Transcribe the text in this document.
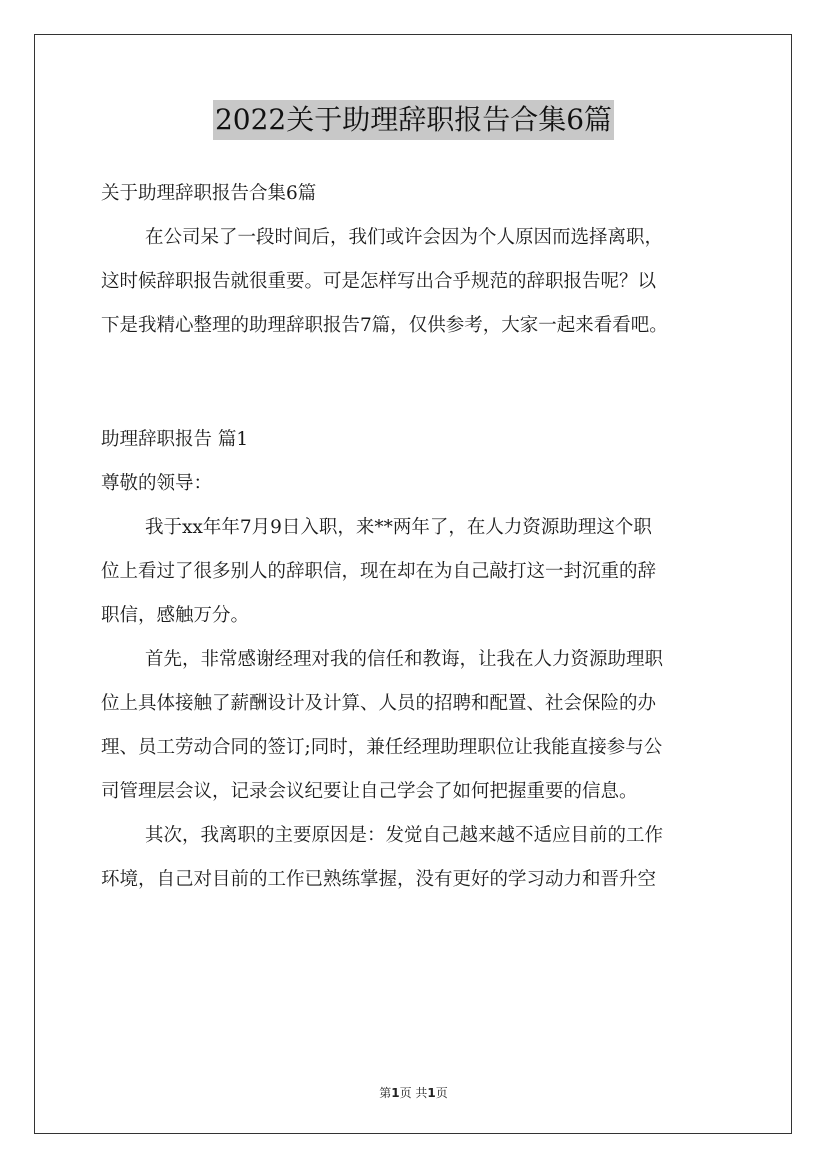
2022关于助理辞职报告合集6篇

关于助理辞职报告合集6篇

在公司呆了一段时间后，我们或许会因为个人原因而选择离职，

这时候辞职报告就很重要。可是怎样写出合乎规范的辞职报告呢？以

下是我精心整理的助理辞职报告7篇，仅供参考，大家一起来看看吧。

助理辞职报告 篇1

尊敬的领导：

我于xx年年7月9日入职，来**两年了，在人力资源助理这个职

位上看过了很多别人的辞职信，现在却在为自己敲打这一封沉重的辞

职信，感触万分。

首先，非常感谢经理对我的信任和教诲，让我在人力资源助理职

位上具体接触了薪酬设计及计算、人员的招聘和配置、社会保险的办

理、员工劳动合同的签订;同时，兼任经理助理职位让我能直接参与公

司管理层会议，记录会议纪要让自己学会了如何把握重要的信息。

其次，我离职的主要原因是：发觉自己越来越不适应目前的工作

环境，自己对目前的工作已熟练掌握，没有更好的学习动力和晋升空

第1页 共1页
